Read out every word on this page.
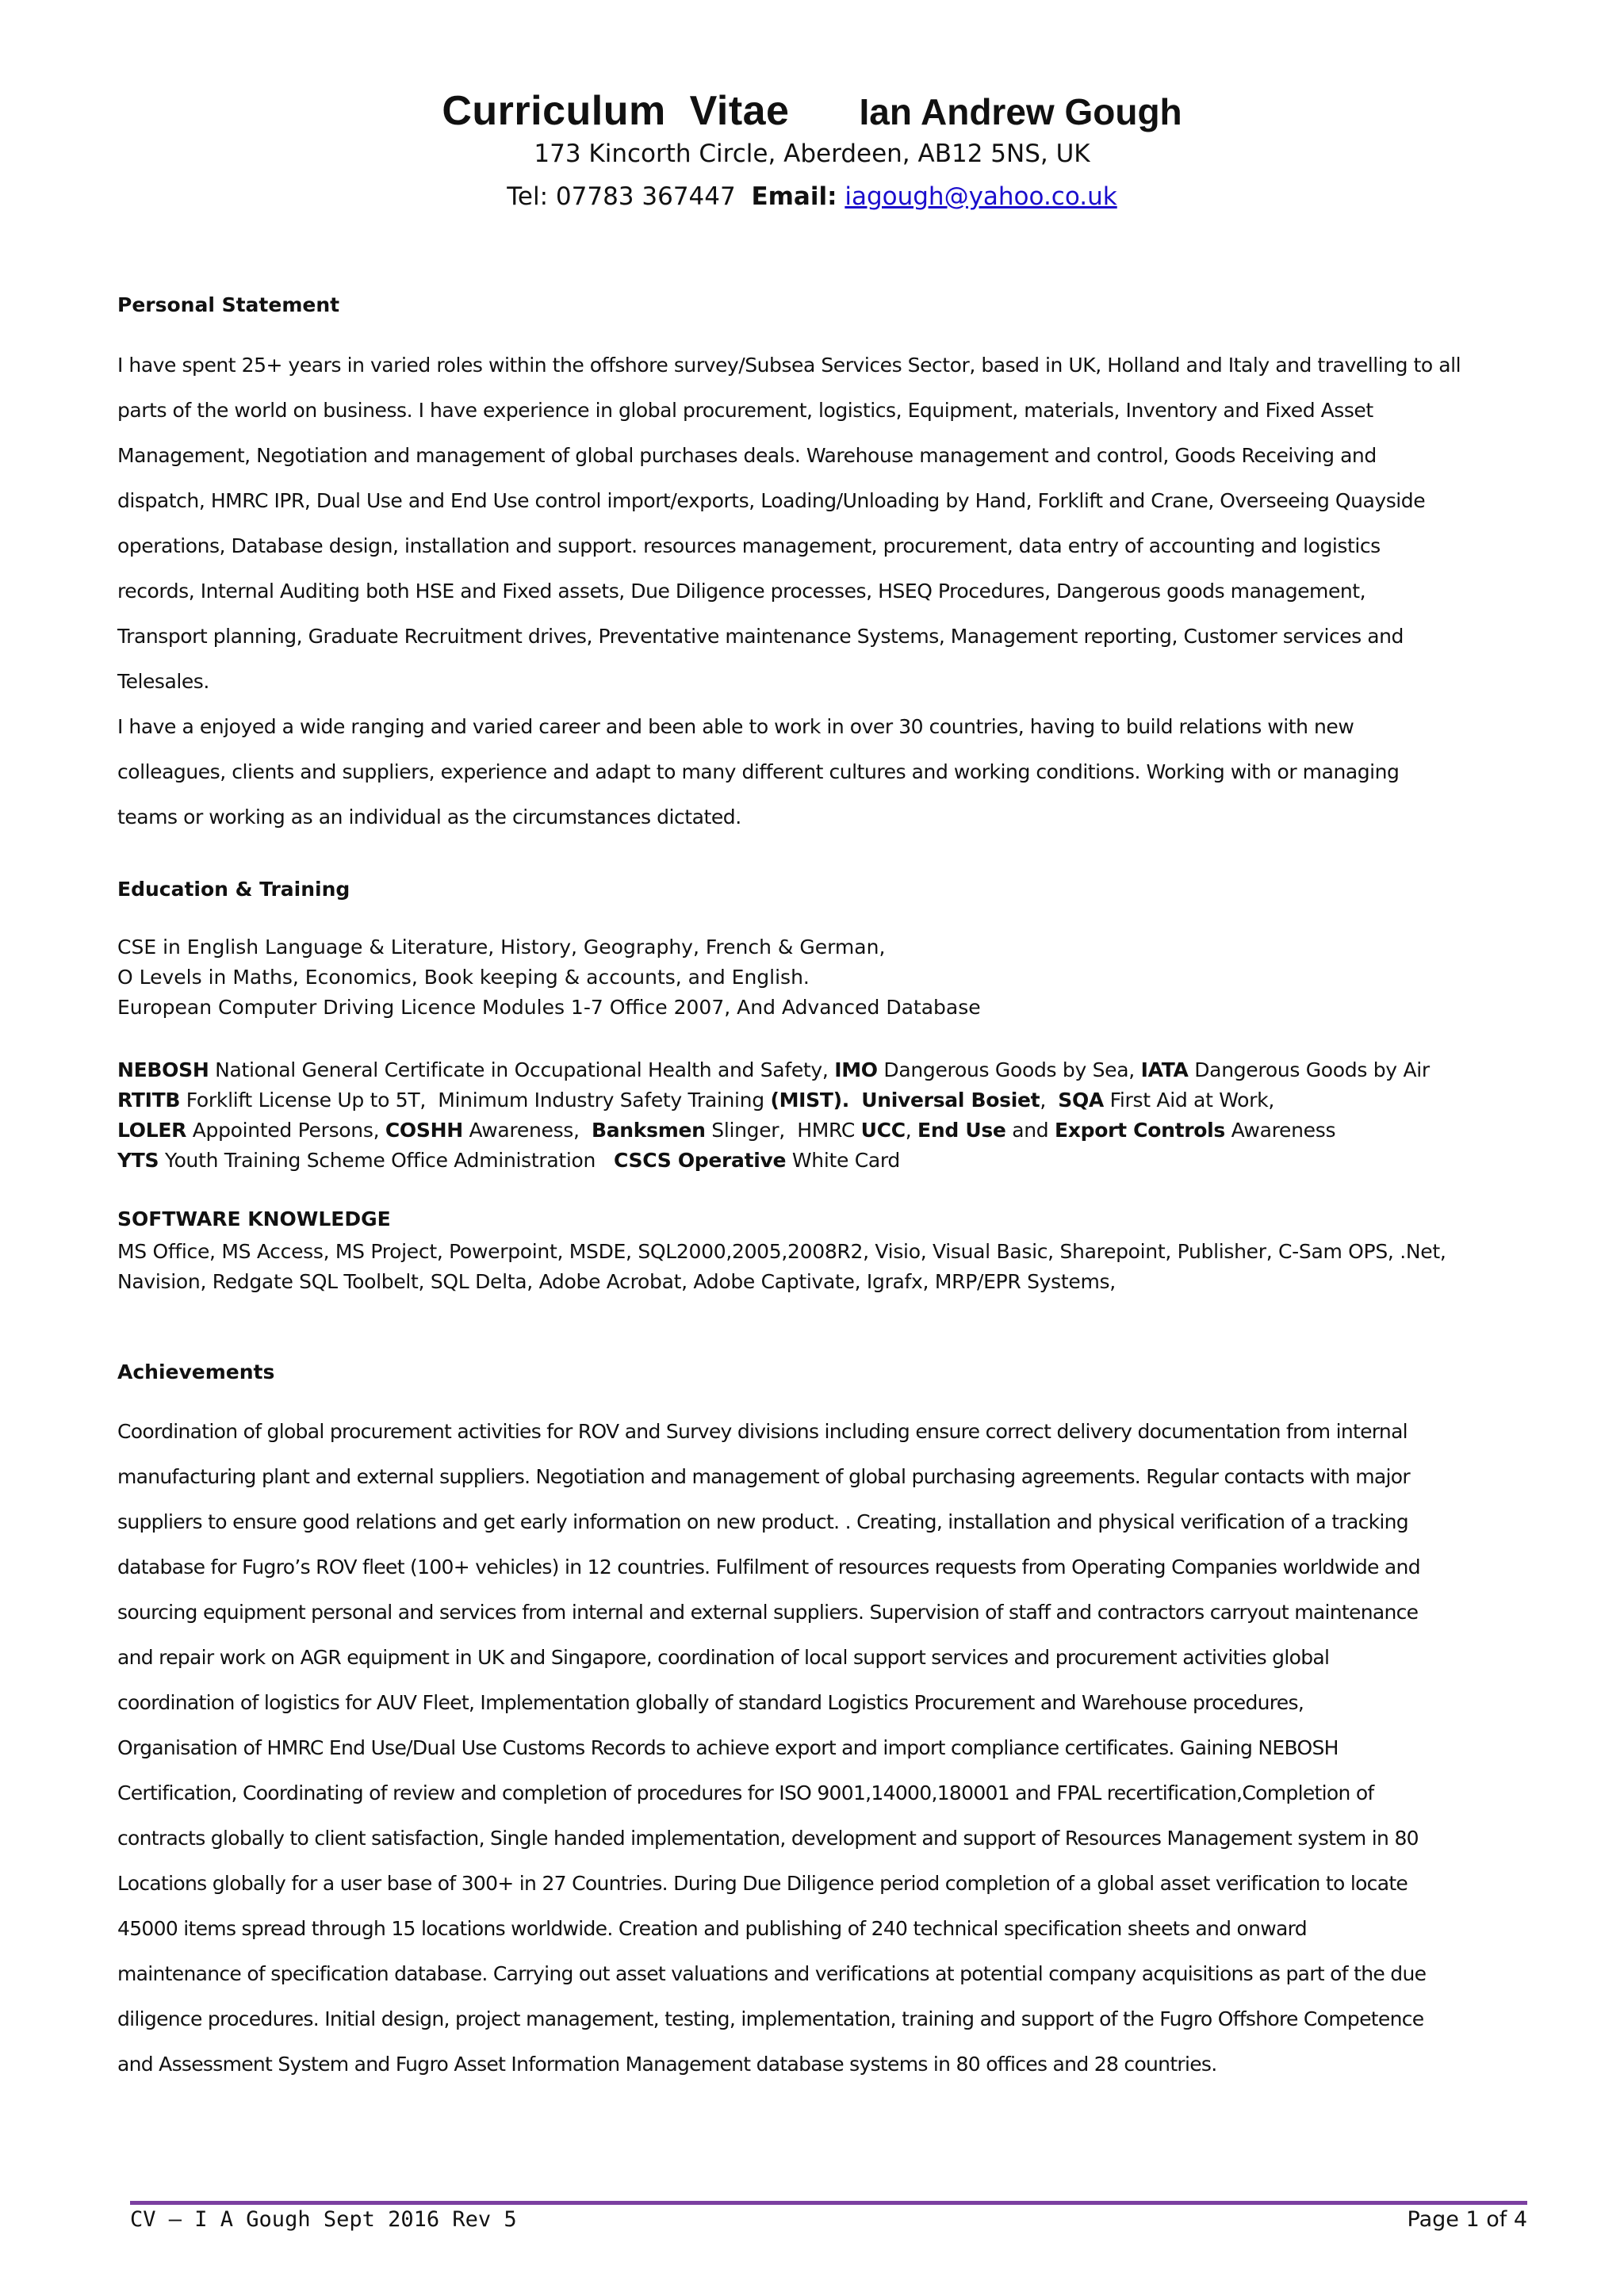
Curriculum  Vitae Ian Andrew Gough
173 Kincorth Circle, Aberdeen, AB12 5NS, UK
Tel: 07783 367447 Email: iagough@yahoo.co.uk
Personal Statement
I have spent 25+ years in varied roles within the offshore survey/Subsea Services Sector, based in UK, Holland and Italy and travelling to all
parts of the world on business. I have experience in global procurement, logistics, Equipment, materials, Inventory and Fixed Asset
Management, Negotiation and management of global purchases deals. Warehouse management and control, Goods Receiving and
dispatch, HMRC IPR, Dual Use and End Use control import/exports, Loading/Unloading by Hand, Forklift and Crane, Overseeing Quayside
operations, Database design, installation and support. resources management, procurement, data entry of accounting and logistics
records, Internal Auditing both HSE and Fixed assets, Due Diligence processes, HSEQ Procedures, Dangerous goods management,
Transport planning, Graduate Recruitment drives, Preventative maintenance Systems, Management reporting, Customer services and
Telesales.
I have a enjoyed a wide ranging and varied career and been able to work in over 30 countries, having to build relations with new
colleagues, clients and suppliers, experience and adapt to many different cultures and working conditions. Working with or managing
teams or working as an individual as the circumstances dictated.
Education & Training
CSE in English Language & Literature, History, Geography, French & German,
O Levels in Maths, Economics, Book keeping & accounts, and English.
European Computer Driving Licence Modules 1-7 Office 2007, And Advanced Database
NEBOSH National General Certificate in Occupational Health and Safety, IMO Dangerous Goods by Sea, IATA Dangerous Goods by Air
RTITB Forklift License Up to 5T,  Minimum Industry Safety Training (MIST). Universal Bosiet,  SQA First Aid at Work,
LOLER Appointed Persons, COSHH Awareness,  Banksmen Slinger,  HMRC UCC, End Use and Export Controls Awareness
YTS Youth Training Scheme Office Administration   CSCS Operative White Card
SOFTWARE KNOWLEDGE
MS Office, MS Access, MS Project, Powerpoint, MSDE, SQL2000,2005,2008R2, Visio, Visual Basic, Sharepoint, Publisher, C-Sam OPS, .Net,
Navision, Redgate SQL Toolbelt, SQL Delta, Adobe Acrobat, Adobe Captivate, Igrafx, MRP/EPR Systems,
Achievements
Coordination of global procurement activities for ROV and Survey divisions including ensure correct delivery documentation from internal
manufacturing plant and external suppliers. Negotiation and management of global purchasing agreements. Regular contacts with major
suppliers to ensure good relations and get early information on new product. . Creating, installation and physical verification of a tracking
database for Fugro’s ROV fleet (100+ vehicles) in 12 countries. Fulfilment of resources requests from Operating Companies worldwide and
sourcing equipment personal and services from internal and external suppliers. Supervision of staff and contractors carryout maintenance
and repair work on AGR equipment in UK and Singapore, coordination of local support services and procurement activities global
coordination of logistics for AUV Fleet, Implementation globally of standard Logistics Procurement and Warehouse procedures,
Organisation of HMRC End Use/Dual Use Customs Records to achieve export and import compliance certificates. Gaining NEBOSH
Certification, Coordinating of review and completion of procedures for ISO 9001,14000,180001 and FPAL recertification,Completion of
contracts globally to client satisfaction, Single handed implementation, development and support of Resources Management system in 80
Locations globally for a user base of 300+ in 27 Countries. During Due Diligence period completion of a global asset verification to locate
45000 items spread through 15 locations worldwide. Creation and publishing of 240 technical specification sheets and onward
maintenance of specification database. Carrying out asset valuations and verifications at potential company acquisitions as part of the due
diligence procedures. Initial design, project management, testing, implementation, training and support of the Fugro Offshore Competence
and Assessment System and Fugro Asset Information Management database systems in 80 offices and 28 countries.
CV – I A Gough Sept 2016 Rev 5	Page 1 of 4
